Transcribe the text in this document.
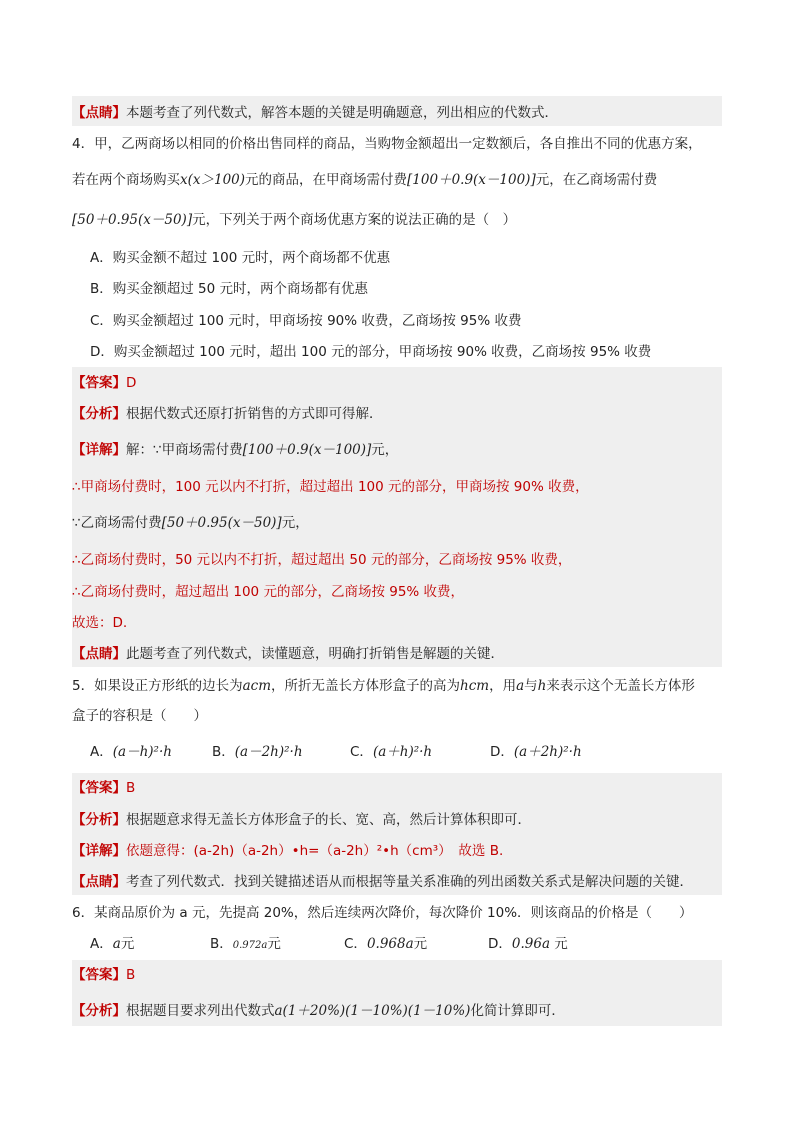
【点睛】本题考查了列代数式，解答本题的关键是明确题意，列出相应的代数式．
4．甲，乙两商场以相同的价格出售同样的商品，当购物金额超出一定数额后，各自推出不同的优惠方案，
若在两个商场购买x(x＞100)元的商品，在甲商场需付费[100＋0.9(x－100)]元，在乙商场需付费
[50＋0.95(x－50)]元，下列关于两个商场优惠方案的说法正确的是（　）
A．购买金额不超过 100 元时，两个商场都不优惠
B．购买金额超过 50 元时，两个商场都有优惠
C．购买金额超过 100 元时，甲商场按 90% 收费，乙商场按 95% 收费
D．购买金额超过 100 元时，超出 100 元的部分，甲商场按 90% 收费，乙商场按 95% 收费
【答案】D
【分析】根据代数式还原打折销售的方式即可得解．
【详解】解：∵甲商场需付费[100＋0.9(x－100)]元，
∴甲商场付费时，100 元以内不打折，超过超出 100 元的部分，甲商场按 90% 收费，
∵乙商场需付费[50＋0.95(x－50)]元，
∴乙商场付费时，50 元以内不打折，超过超出 50 元的部分，乙商场按 95% 收费，
∴乙商场付费时，超过超出 100 元的部分，乙商场按 95% 收费，
故选：D.
【点睛】此题考查了列代数式，读懂题意，明确打折销售是解题的关键．
5．如果设正方形纸的边长为acm，所折无盖长方体形盒子的高为hcm，用a与h来表示这个无盖长方体形
盒子的容积是（　　）
A．(a－h)²·h	B．(a－2h)²·h	C．(a＋h)²·h	D．(a＋2h)²·h
【答案】B
【分析】根据题意求得无盖长方体形盒子的长、宽、高，然后计算体积即可．
【详解】依题意得：(a-2h)（a-2h）•h=（a-2h）²•h（cm³）　故选 B.
【点睛】考查了列代数式．找到关键描述语从而根据等量关系准确的列出函数关系式是解决问题的关键．
6．某商品原价为 a 元，先提高 20%，然后连续两次降价，每次降价 10%．则该商品的价格是（　　）
A．a元	B．0.972a元	C．0.968a元	D．0.96a 元
【答案】B
【分析】根据题目要求列出代数式a(1＋20%)(1－10%)(1－10%)化简计算即可．
